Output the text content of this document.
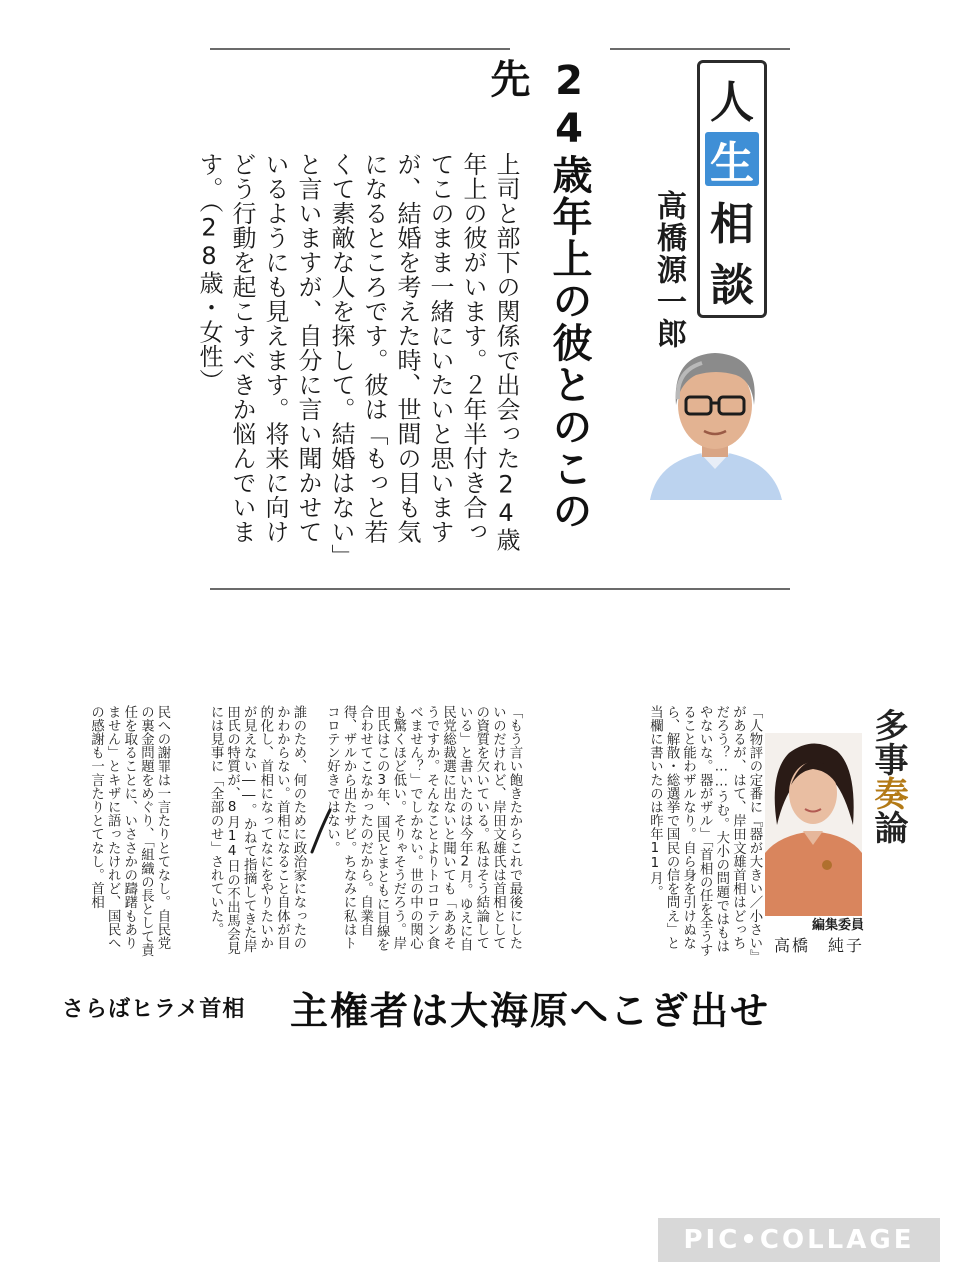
人
生
相
談
高橋源一郎
24歳年上の彼とのこの先
上司と部下の関係で出会った24歳年上の彼がいます。２年半付き合ってこのまま一緒にいたいと思いますが、結婚を考えた時、世間の目も気になるところです。彼は「もっと若くて素敵な人を探して。結婚はない」と言いますが、自分に言い聞かせているようにも見えます。将来に向けどう行動を起こすべきか悩んでいます。（28歳・女性）
多事奏論
編集委員
高橋　純子
「人物評の定番に『器が大きい／小さい』があるが、はて、岸田文雄首相はどっちだろう？……うむ。大小の問題ではもはやないな。器がザル」「首相の任を全うすること能わザルなり。自ら身を引けぬなら、解散・総選挙で国民の信を問え」と当欄に書いたのは昨年11月。
「もう言い飽きたからこれで最後にしたいのだけれど、岸田文雄氏は首相としての資質を欠いている。私はそう結論している」と書いたのは今年2月。ゆえに自民党総裁選に出ないと聞いても「ああそうですか。そんなことよりトコロテン食べません？」でしかない。世の中の関心も驚くほど低い。そりゃそうだろう。岸田氏はこの3年、国民とまともに目線を合わせてこなかったのだから。自業自得、ザルから出たサビ。ちなみに私はトコロテン好きではない。
誰のため、何のために政治家になったのかわからない。首相になること自体が目的化し、首相になってなにをやりたいかが見えない――。かねて指摘してきた岸田氏の特質が、8月14日の不出馬会見には見事に「全部のせ」されていた。
民への謝罪は一言たりとてなし。自民党の裏金問題をめぐり、「組織の長として責任を取ることに、いささかの躊躇もありません」とキザに語ったけれど、国民への感謝も一言たりとてなし。首相
さらばヒラメ首相	主権者は大海原へこぎ出せ
PIC•COLLAGE
